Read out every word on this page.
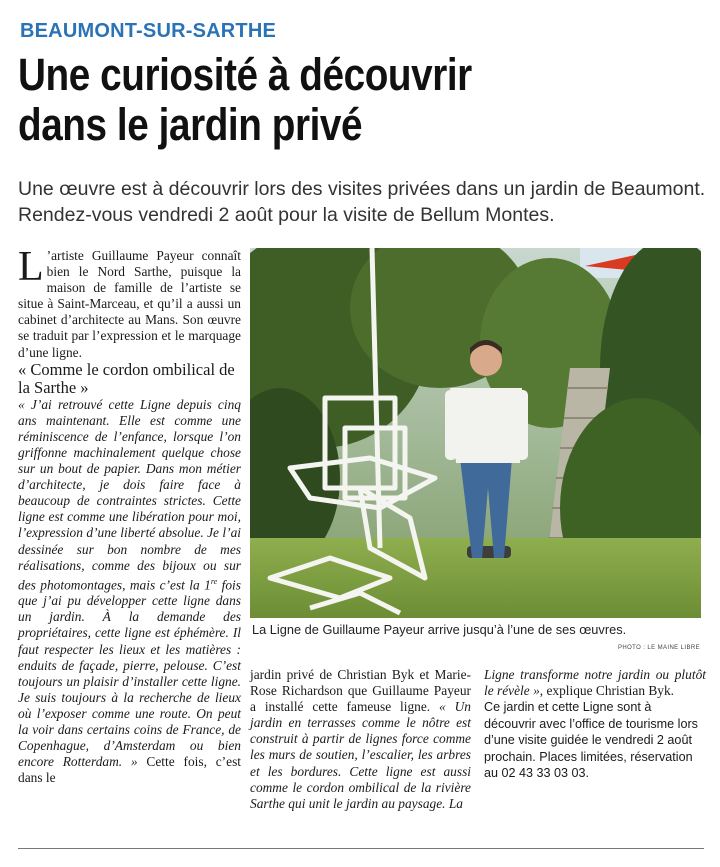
BEAUMONT-SUR-SARTHE
Une curiosité à découvrir
dans le jardin privé
Une œuvre est à découvrir lors des visites privées dans un jardin de Beaumont. Rendez-vous vendredi 2 août pour la visite de Bellum Montes.

L ’artiste Guillaume Payeur connaît bien le Nord Sarthe, puisque la maison de famille de l’artiste se situe à Saint-Marceau, et qu’il a aussi un cabinet d’architecte au Mans. Son œuvre se traduit par l’expression et le marquage d’une ligne.

« Comme le cordon ombilical de la Sarthe »

« J’ai retrouvé cette Ligne depuis cinq ans maintenant. Elle est comme une réminiscence de l’enfance, lorsque l’on griffonne machinalement quelque chose sur un bout de papier. Dans mon métier d’architecte, je dois faire face à beaucoup de contraintes strictes. Cette ligne est comme une libération pour moi, l’expression d’une liberté absolue. Je l’ai dessinée sur bon nombre de mes réalisations, comme des bijoux ou sur des photomontages, mais c’est la 1re fois que j’ai pu développer cette ligne dans un jardin. À la demande des propriétaires, cette ligne est éphémère. Il faut respecter les lieux et les matières : enduits de façade, pierre, pelouse. C’est toujours un plaisir d’installer cette ligne. Je suis toujours à la recherche de lieux où l’exposer comme une route. On peut la voir dans certains coins de France, de Copenhague, d’Amsterdam ou bien encore Rotterdam. » Cette fois, c’est dans le

La Ligne de Guillaume Payeur arrive jusqu’à l’une de ses œuvres.
PHOTO : LE MAINE LIBRE

jardin privé de Christian Byk et Marie-Rose Richardson que Guillaume Payeur a installé cette fameuse ligne. « Un jardin en terrasses comme le nôtre est construit à partir de lignes force comme les murs de soutien, l’escalier, les arbres et les bordures. Cette ligne est aussi comme le cordon ombilical de la rivière Sarthe qui unit le jardin au paysage. La

Ligne transforme notre jardin ou plutôt le révèle », explique Christian Byk.

Ce jardin et cette Ligne sont à découvrir avec l’office de tourisme lors d’une visite guidée le vendredi 2 août prochain. Places limitées, réservation au 02 43 33 03 03.
